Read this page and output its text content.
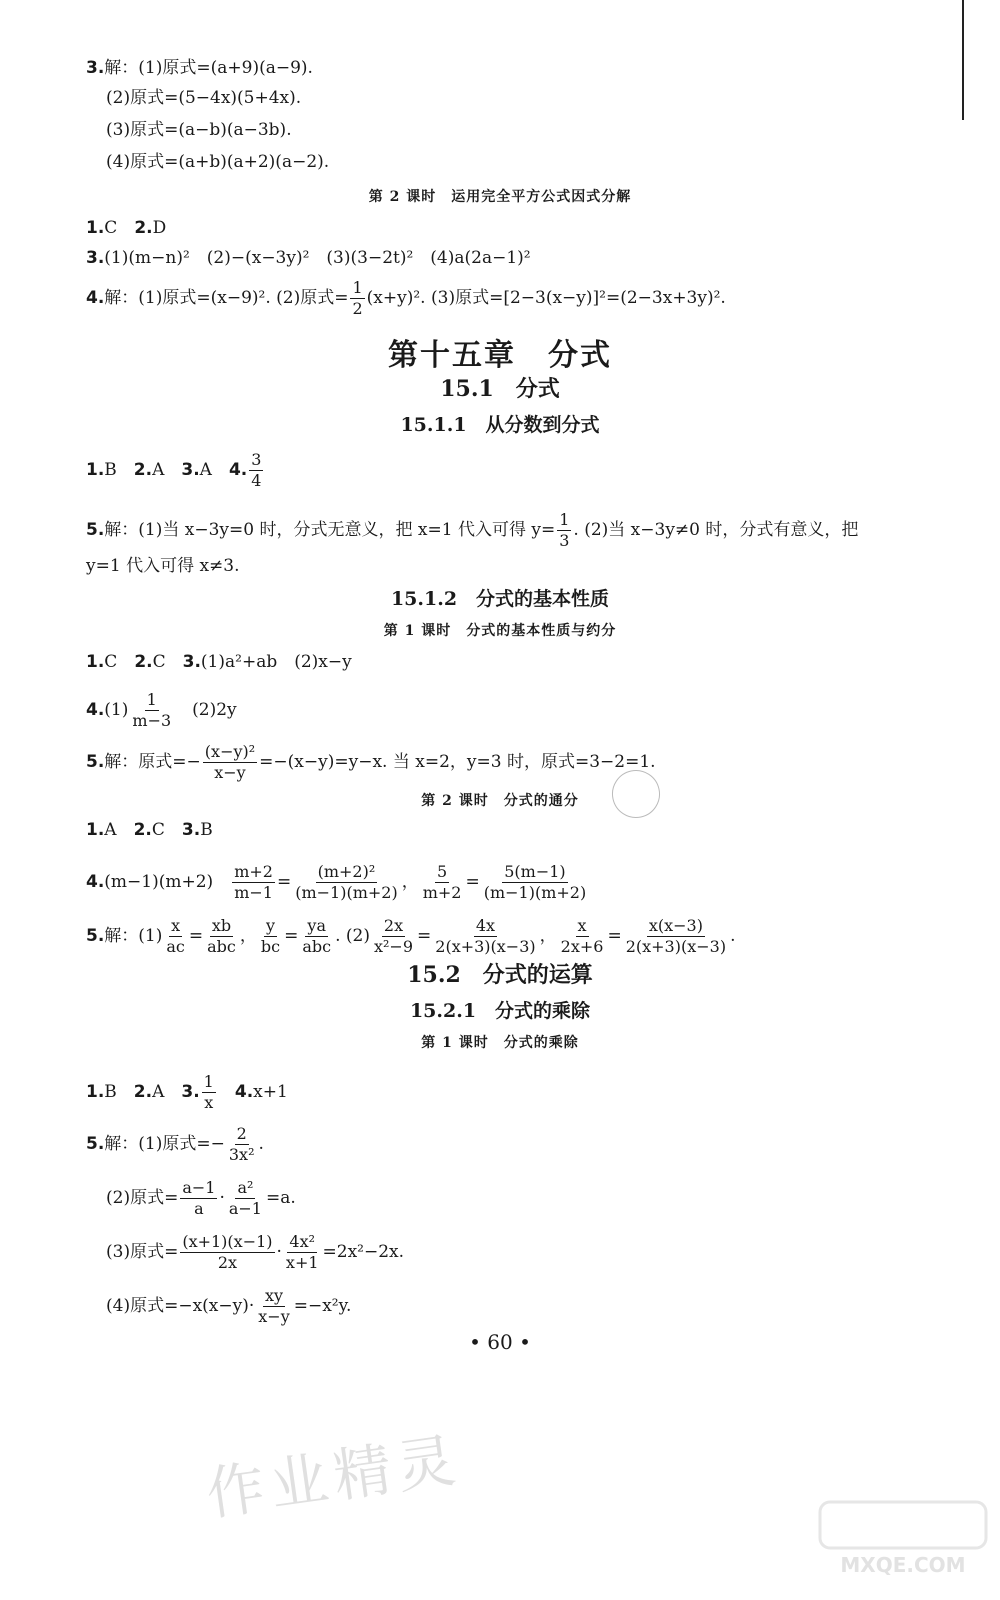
3.解：(1)原式=(a+9)(a−9).
(2)原式=(5−4x)(5+4x).
(3)原式=(a−b)(a−3b).
(4)原式=(a+b)(a+2)(a−2).
第 2 课时　运用完全平方公式因式分解
1.C　 2.D
3.(1)(m−n)²　(2)−(x−3y)²　(3)(3−2t)²　(4)a(2a−1)²
4.解：(1)原式=(x−9)². (2)原式= $\frac{1}{2} (x+y)^2$. (3)原式=[2−3(x−y)]²=(2−3x+3y)².
第十五章　分式
15.1　分式
15.1.1　从分数到分式
1.B　 2.A　 3.A　 4. $\frac{3}{4}$
5.解：(1)当 x−3y=0 时，分式无意义，把 x=1 代入可得 $y= \frac{1}{3}$ . (2)当 x−3y≠0 时，分式有意义，把
y=1 代入可得 x≠3.
15.1.2　分式的基本性质
第 1 课时　分式的基本性质与约分
1.C　 2.C　 3.(1)a²+ab　(2)x−y
$4.(1) \frac{1}{m-3}$ 　(2)2y
5.解：原式=− $\frac{\text{(x−y)²}}{x-y} =-(x-y)=y-x$. 当 x=2，y=3 时，原式=3−2=1.
第 2 课时　分式的通分
1.A　 2.C　 3.B
4.(m−1)(m+2)　 $\frac{m+2}{m-1} = \frac{\text{(m+2)²}}{(m-1)(m+2)}$ ， $\frac{5}{m+2} = \frac{5(m-1)}{(m-1)(m+2)}$
5.解：$(1) \frac{x}{ac} = \frac{xb}{\text{abc}}$ ， $\frac{y}{bc} = \frac{ya}{\text{abc}}$ . $(2) \frac{2x}{\text{x²−9}} = \frac{4x}{2(x+3)(x-3)}$ ， $\frac{x}{2x+6} = \frac{x(x-3)}{2(x+3)(x-3)}$ .
15.2　分式的运算
15.2.1　分式的乘除
第 1 课时　分式的乘除
1.B　 2.A　 3. $\frac{1}{x}$
　 4.x+1
5.解：(1)原式=− $\frac{2}{\text{3x²}}$ .
(2)原式= $\frac{a-1}{a} \cdot \frac{\text{a²}}{a-1} =a$.
(3)原式= $\frac{(x+1)(x-1)}{2x} \cdot \frac{\text{4x²}}{x+1} =2x^2-2x$.
(4)原式$=-x(x-y)\cdot \frac{xy}{x-y} =-x^2y$.
• 60 •
作业精灵
MXQE.COM
